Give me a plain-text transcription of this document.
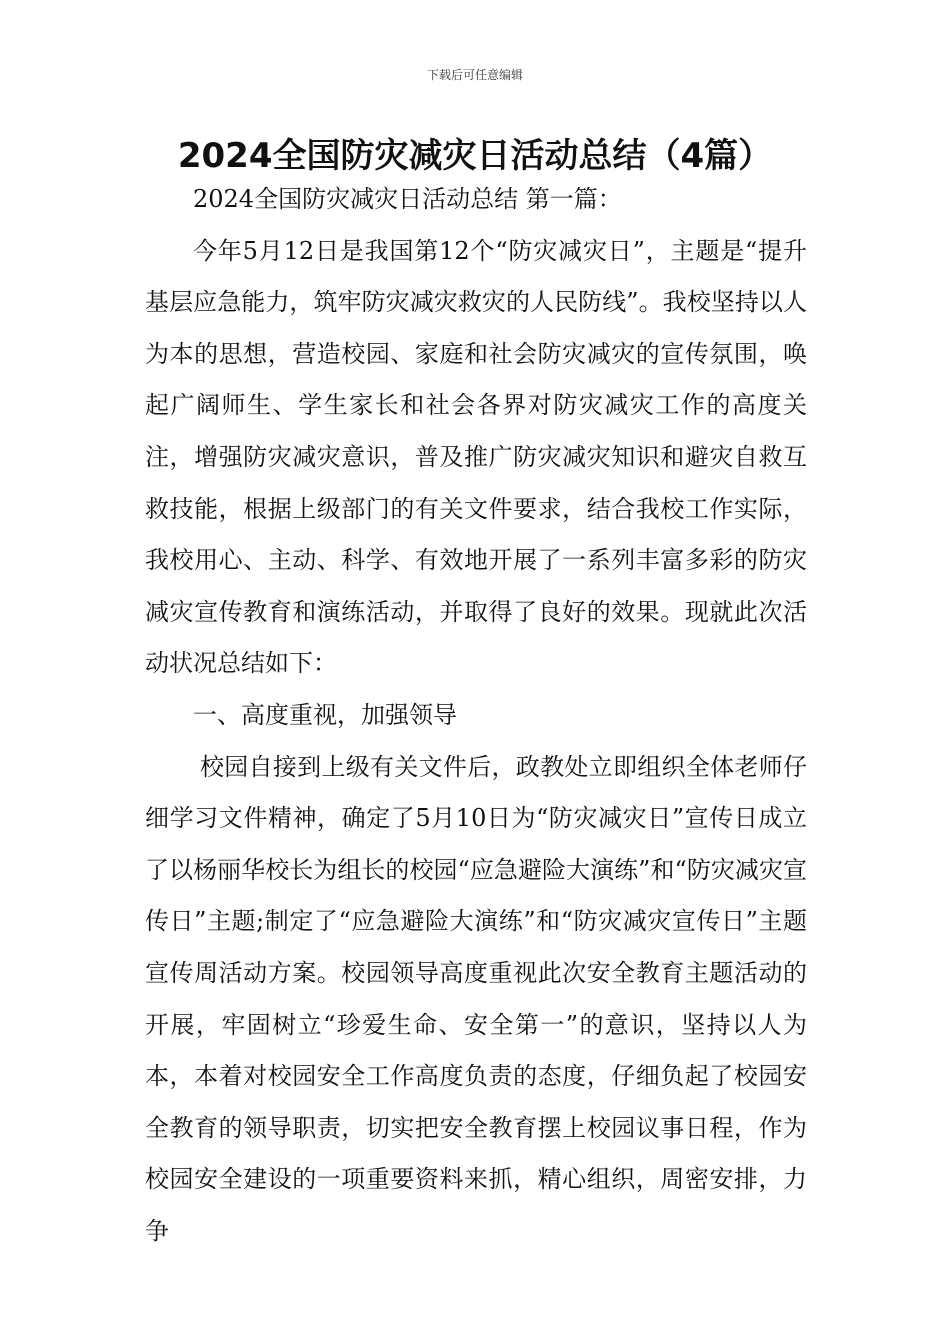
下载后可任意编辑
2024全国防灾减灾日活动总结（4篇）

2024全国防灾减灾日活动总结 第一篇：

今年5月12日是我国第12个“防灾减灾日”，主题是“提升基层应急能力，筑牢防灾减灾救灾的人民防线”。我校坚持以人为本的思想，营造校园、家庭和社会防灾减灾的宣传氛围，唤起广阔师生、学生家长和社会各界对防灾减灾工作的高度关注，增强防灾减灾意识，普及推广防灾减灾知识和避灾自救互救技能，根据上级部门的有关文件要求，结合我校工作实际，我校用心、主动、科学、有效地开展了一系列丰富多彩的防灾减灾宣传教育和演练活动，并取得了良好的效果。现就此次活动状况总结如下：

一、高度重视，加强领导

校园自接到上级有关文件后，政教处立即组织全体老师仔细学习文件精神，确定了5月10日为“防灾减灾日”宣传日成立了以杨丽华校长为组长的校园“应急避险大演练”和“防灾减灾宣传日”主题;制定了“应急避险大演练”和“防灾减灾宣传日”主题宣传周活动方案。校园领导高度重视此次安全教育主题活动的开展，牢固树立“珍爱生命、安全第一”的意识，坚持以人为本，本着对校园安全工作高度负责的态度，仔细负起了校园安全教育的领导职责，切实把安全教育摆上校园议事日程，作为校园安全建设的一项重要资料来抓，精心组织，周密安排，力争
